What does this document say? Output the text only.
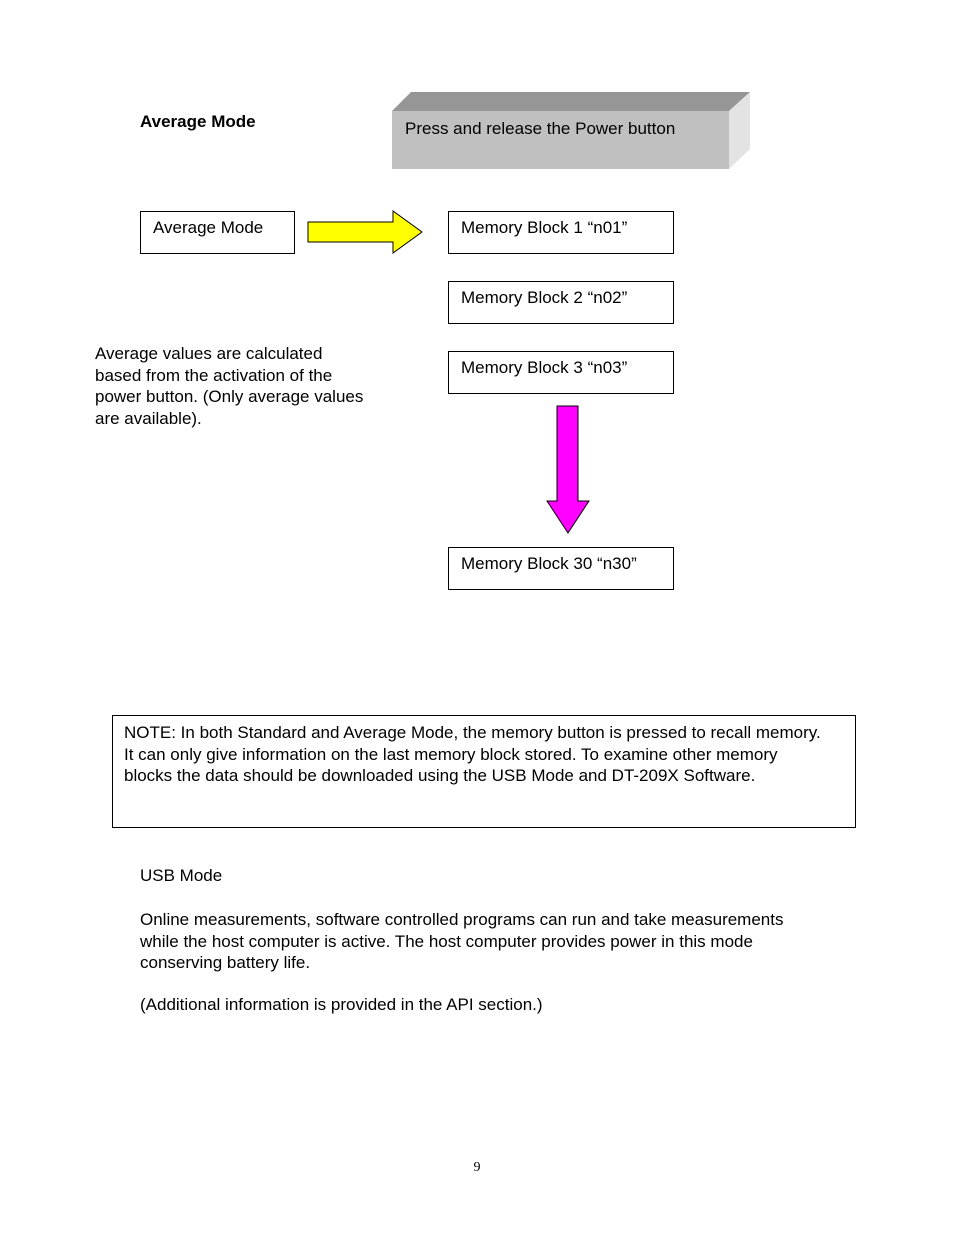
Average Mode	Press and release the Power button
Average Mode	Memory Block 1 “n01”
Memory Block 2 “n02”
Memory Block 3 “n03”
Average values are calculated based from the activation of the power button. (Only average values are available).
Memory Block 30 “n30”
NOTE: In both Standard and Average Mode, the memory button is pressed to recall memory. It can only give information on the last memory block stored. To examine other memory blocks the data should be downloaded using the USB Mode and DT-209X Software.
USB Mode
Online measurements, software controlled programs can run and take measurements while the host computer is active. The host computer provides power in this mode conserving battery life.
(Additional information is provided in the API section.)
9
